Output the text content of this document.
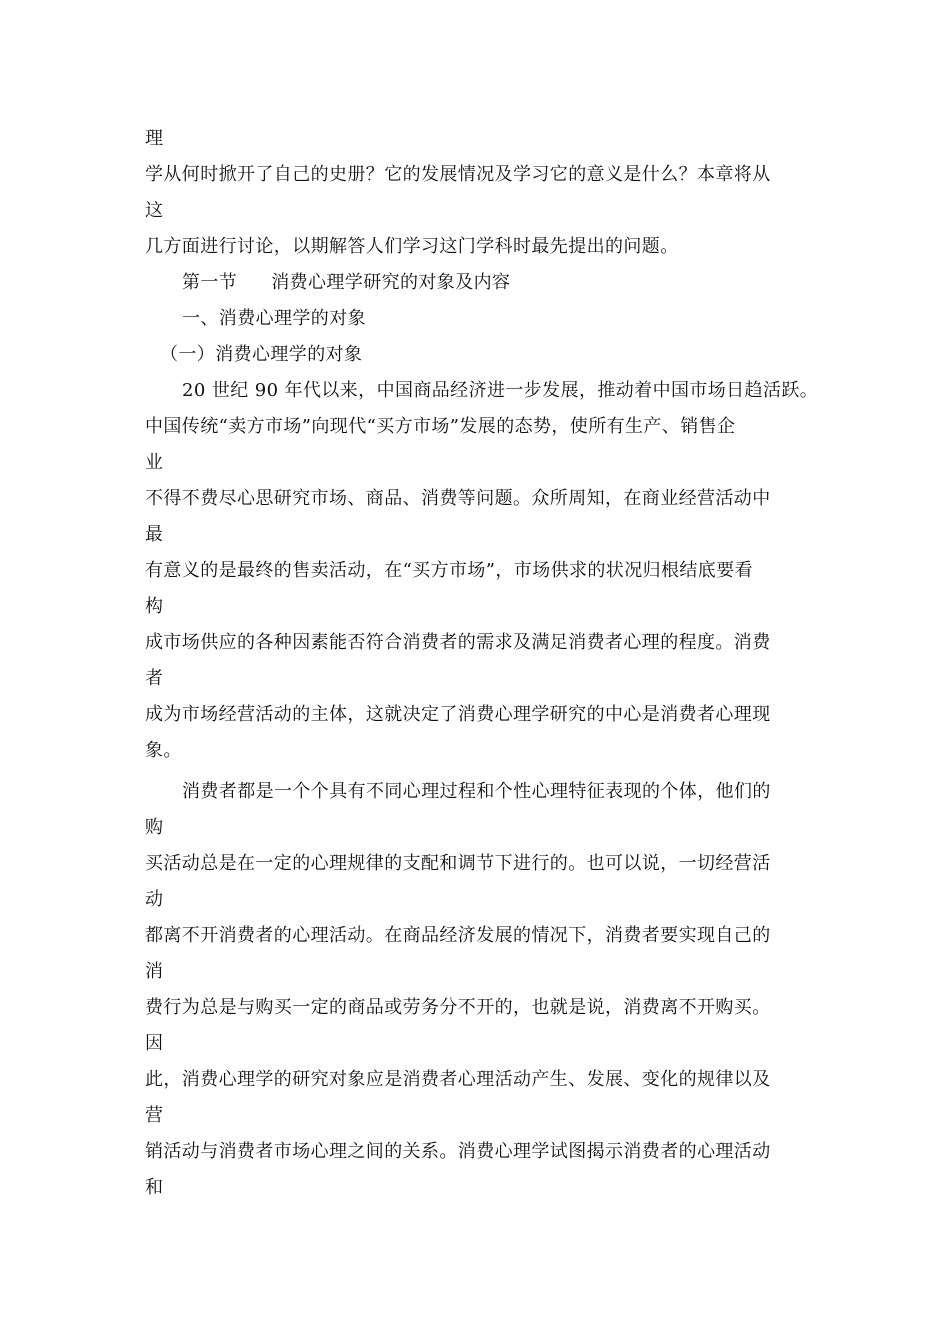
理
学从何时掀开了自己的史册？它的发展情况及学习它的意义是什么？本章将从
这
几方面进行讨论，以期解答人们学习这门学科时最先提出的问题。
第一节 消费心理学研究的对象及内容
一、消费心理学的对象
（一）消费心理学的对象
20 世纪 90 年代以来，中国商品经济进一步发展，推动着中国市场日趋活跃。
中国传统“卖方市场”向现代“买方市场”发展的态势，使所有生产、销售企
业
不得不费尽心思研究市场、商品、消费等问题。众所周知，在商业经营活动中
最
有意义的是最终的售卖活动，在“买方市场”，市场供求的状况归根结底要看
构
成市场供应的各种因素能否符合消费者的需求及满足消费者心理的程度。消费
者
成为市场经营活动的主体，这就决定了消费心理学研究的中心是消费者心理现
象。
消费者都是一个个具有不同心理过程和个性心理特征表现的个体，他们的
购
买活动总是在一定的心理规律的支配和调节下进行的。也可以说，一切经营活
动
都离不开消费者的心理活动。在商品经济发展的情况下，消费者要实现自己的
消
费行为总是与购买一定的商品或劳务分不开的，也就是说，消费离不开购买。
因
此，消费心理学的研究对象应是消费者心理活动产生、发展、变化的规律以及
营
销活动与消费者市场心理之间的关系。消费心理学试图揭示消费者的心理活动
和
